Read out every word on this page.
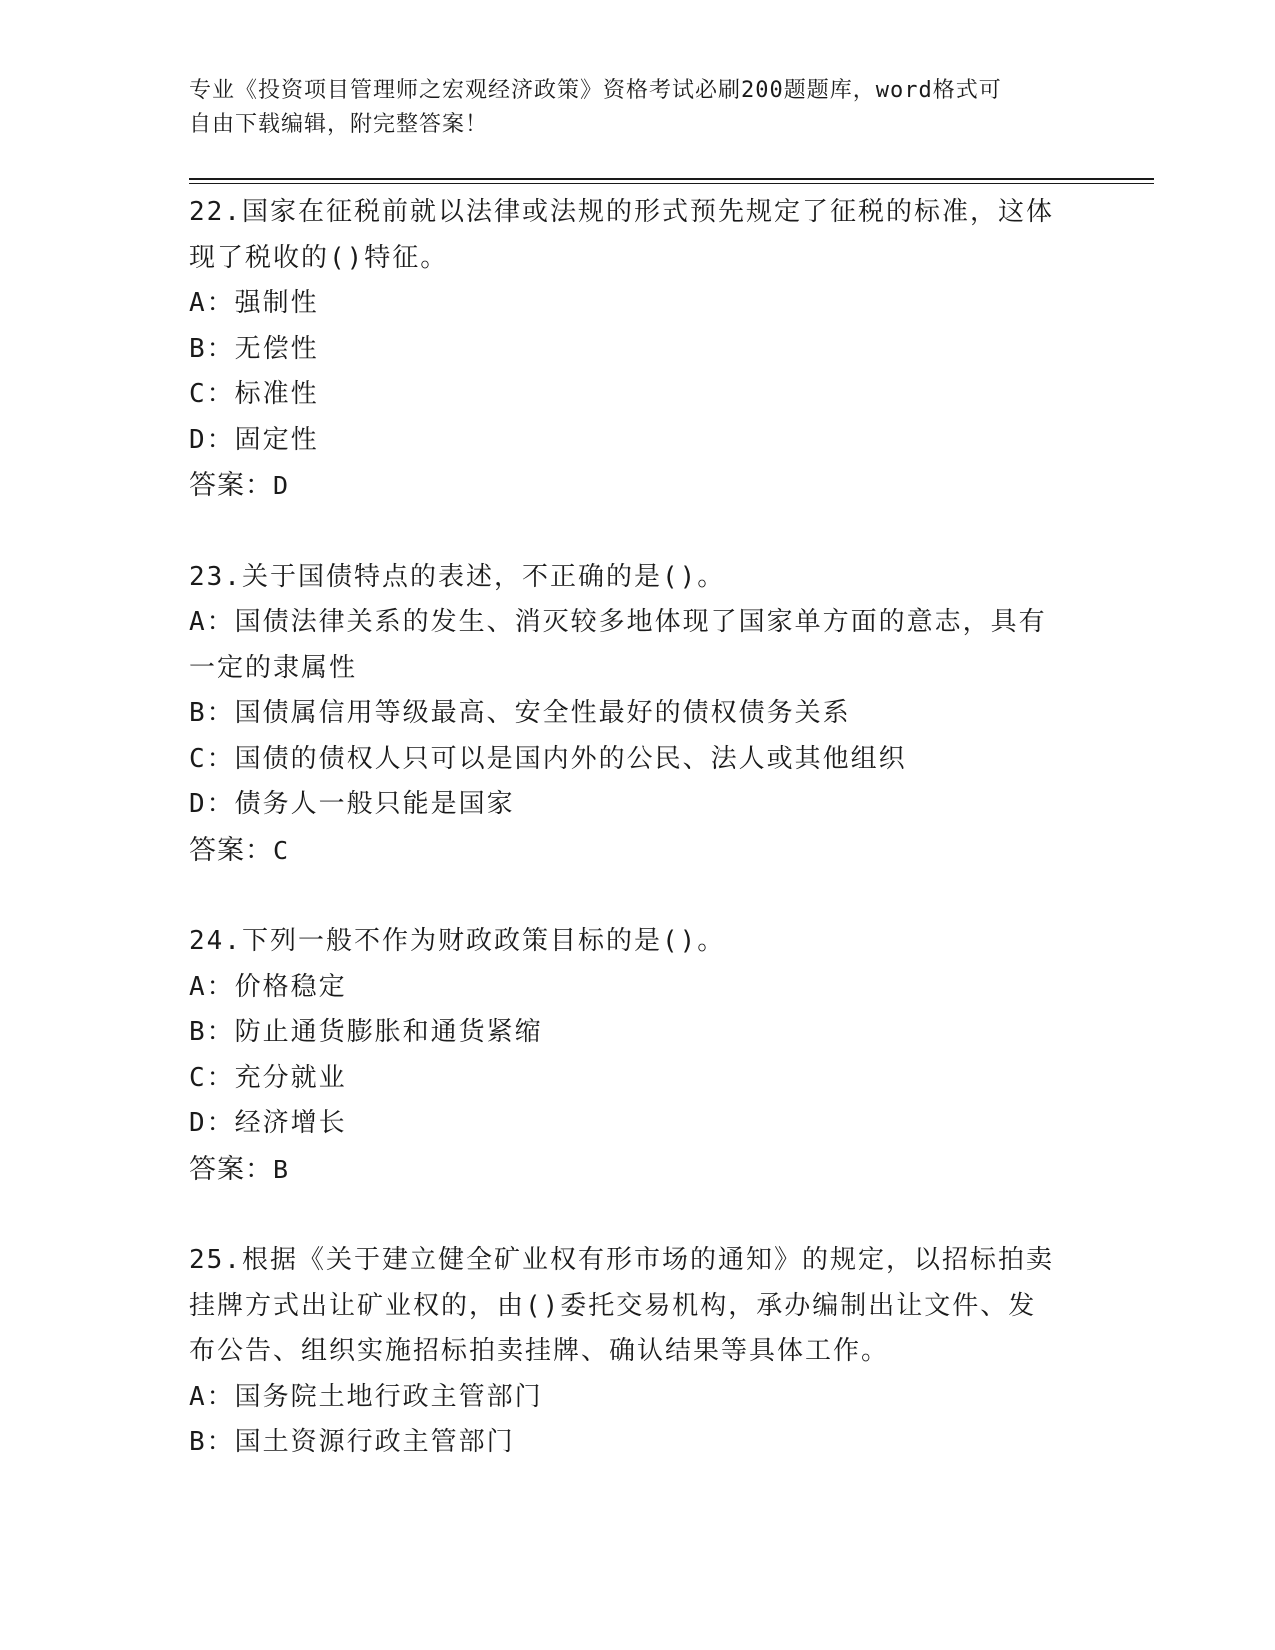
专业《投资项目管理师之宏观经济政策》资格考试必刷200题题库，word格式可
自由下载编辑，附完整答案！

22.国家在征税前就以法律或法规的形式预先规定了征税的标准，这体

现了税收的()特征。

A：强制性

B：无偿性

C：标准性

D：固定性

答案：D

23.关于国债特点的表述，不正确的是()。

A：国债法律关系的发生、消灭较多地体现了国家单方面的意志，具有

一定的隶属性

B：国债属信用等级最高、安全性最好的债权债务关系

C：国债的债权人只可以是国内外的公民、法人或其他组织

D：债务人一般只能是国家

答案：C

24.下列一般不作为财政政策目标的是()。

A：价格稳定

B：防止通货膨胀和通货紧缩

C：充分就业

D：经济增长

答案：B

25.根据《关于建立健全矿业权有形市场的通知》的规定，以招标拍卖

挂牌方式出让矿业权的，由()委托交易机构，承办编制出让文件、发

布公告、组织实施招标拍卖挂牌、确认结果等具体工作。

A：国务院土地行政主管部门

B：国土资源行政主管部门
